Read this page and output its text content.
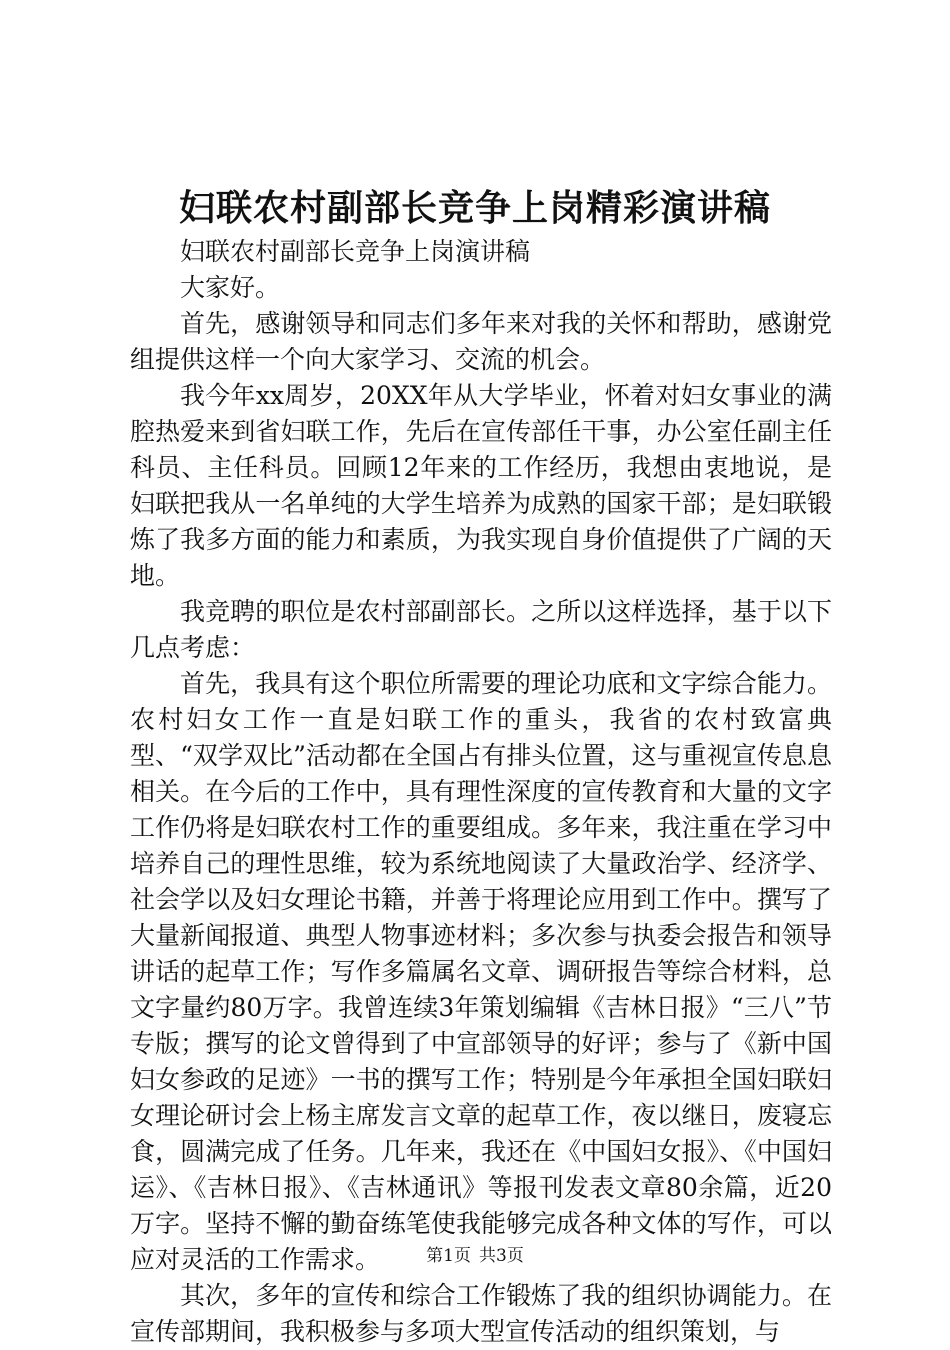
妇联农村副部长竞争上岗精彩演讲稿

妇联农村副部长竞争上岗演讲稿

大家好。

首先，感谢领导和同志们多年来对我的关怀和帮助，感谢党组提供这样一个向大家学习、交流的机会。

我今年xx周岁，20XX年从大学毕业，怀着对妇女事业的满腔热爱来到省妇联工作，先后在宣传部任干事，办公室任副主任科员、主任科员。回顾12年来的工作经历，我想由衷地说，是妇联把我从一名单纯的大学生培养为成熟的国家干部；是妇联锻炼了我多方面的能力和素质，为我实现自身价值提供了广阔的天地。

我竞聘的职位是农村部副部长。之所以这样选择，基于以下几点考虑：

首先，我具有这个职位所需要的理论功底和文字综合能力。农村妇女工作一直是妇联工作的重头，我省的农村致富典型、“双学双比”活动都在全国占有排头位置，这与重视宣传息息相关。在今后的工作中，具有理性深度的宣传教育和大量的文字工作仍将是妇联农村工作的重要组成。多年来，我注重在学习中培养自己的理性思维，较为系统地阅读了大量政治学、经济学、社会学以及妇女理论书籍，并善于将理论应用到工作中。撰写了大量新闻报道、典型人物事迹材料；多次参与执委会报告和领导讲话的起草工作；写作多篇属名文章、调研报告等综合材料，总文字量约80万字。我曾连续3年策划编辑《吉林日报》“三八”节专版；撰写的论文曾得到了中宣部领导的好评；参与了《新中国妇女参政的足迹》一书的撰写工作；特别是今年承担全国妇联妇女理论研讨会上杨主席发言文章的起草工作，夜以继日，废寝忘食，圆满完成了任务。几年来，我还在《中国妇女报》、《中国妇运》、《吉林日报》、《吉林通讯》等报刊发表文章80余篇，近20万字。坚持不懈的勤奋练笔使我能够完成各种文体的写作，可以应对灵活的工作需求。

其次，多年的宣传和综合工作锻炼了我的组织协调能力。在宣传部期间，我积极参与多项大型宣传活动的组织策划，与

第1页 共3页
